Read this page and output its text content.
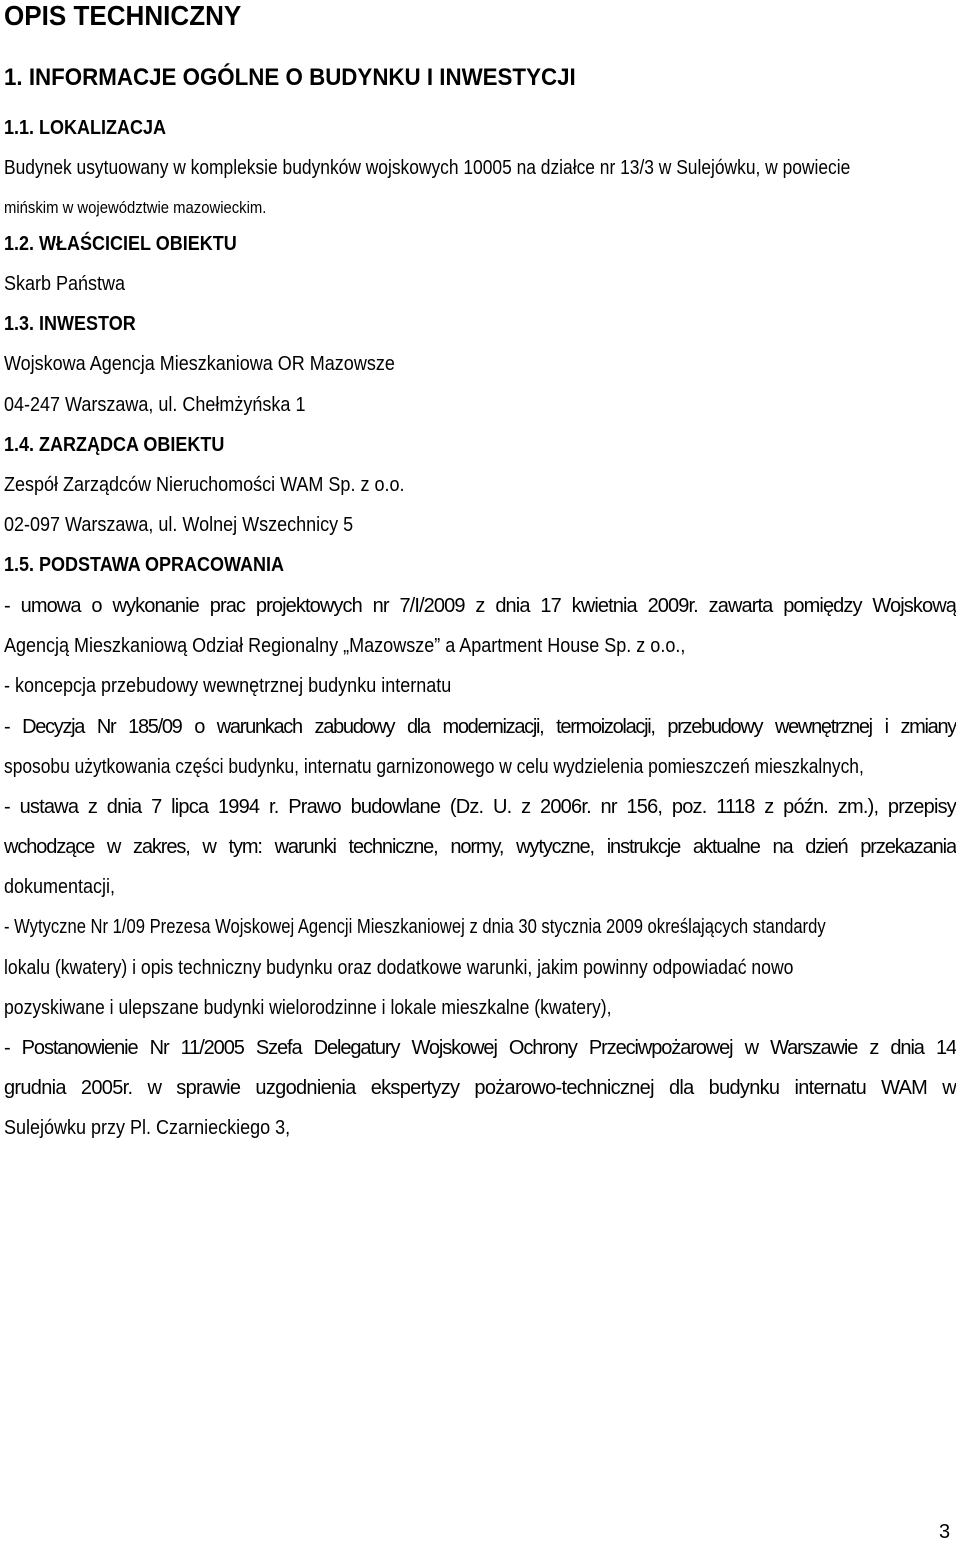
OPIS TECHNICZNY
1. INFORMACJE OGÓLNE O BUDYNKU I INWESTYCJI
1.1. LOKALIZACJA
Budynek usytuowany w kompleksie budynków wojskowych 10005 na działce nr 13/3 w Sulejówku, w powiecie
mińskim w województwie mazowieckim.
1.2. WŁAŚCICIEL OBIEKTU
Skarb Państwa
1.3. INWESTOR
Wojskowa Agencja Mieszkaniowa OR Mazowsze
04-247 Warszawa, ul. Chełmżyńska 1
1.4. ZARZĄDCA OBIEKTU
Zespół Zarządców Nieruchomości WAM Sp. z o.o.
02-097 Warszawa, ul. Wolnej Wszechnicy 5
1.5. PODSTAWA OPRACOWANIA
- umowa o wykonanie prac projektowych nr 7/I/2009 z dnia 17 kwietnia 2009r. zawarta pomiędzy Wojskową
Agencją Mieszkaniową Odział Regionalny „Mazowsze” a Apartment House Sp. z o.o.,
- koncepcja przebudowy wewnętrznej budynku internatu
- Decyzja Nr 185/09 o warunkach zabudowy dla modernizacji, termoizolacji, przebudowy wewnętrznej i zmiany
sposobu użytkowania części budynku, internatu garnizonowego w celu wydzielenia pomieszczeń mieszkalnych,
- ustawa z dnia 7 lipca 1994 r. Prawo budowlane (Dz. U. z 2006r. nr 156, poz. 1118 z późn. zm.), przepisy
wchodzące w zakres, w tym: warunki techniczne, normy, wytyczne, instrukcje aktualne na dzień przekazania
dokumentacji,
- Wytyczne Nr 1/09 Prezesa Wojskowej Agencji Mieszkaniowej z dnia 30 stycznia 2009 określających standardy
lokalu (kwatery) i opis techniczny budynku oraz dodatkowe warunki, jakim powinny odpowiadać nowo
pozyskiwane i ulepszane budynki wielorodzinne i lokale mieszkalne (kwatery),
- Postanowienie Nr 11/2005 Szefa Delegatury Wojskowej Ochrony Przeciwpożarowej w Warszawie z dnia 14
grudnia 2005r. w sprawie uzgodnienia ekspertyzy pożarowo-technicznej dla budynku internatu WAM w
Sulejówku przy Pl. Czarnieckiego 3,
3
